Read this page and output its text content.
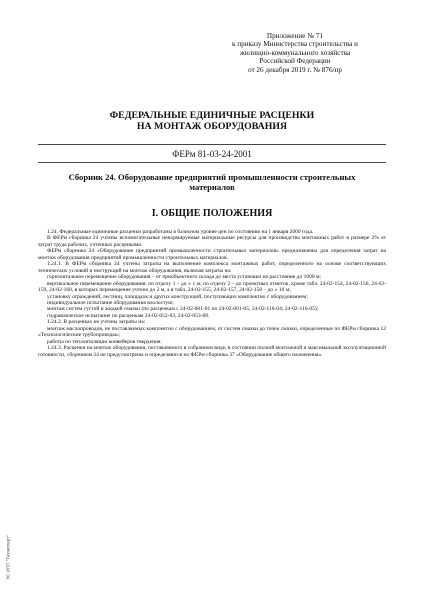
Приложение № 71
к приказу Министерства строительства и
жилищно-коммунального хозяйства
Российской Федерации
от 26 декабря 2019 г. № 876/пр
ФЕДЕРАЛЬНЫЕ ЕДИНИЧНЫЕ РАСЦЕНКИ
НА МОНТАЖ ОБОРУДОВАНИЯ
ФЕРм 81-03-24-2001
Сборник 24. Оборудование предприятий промышленности строительных
материалов
I. ОБЩИЕ ПОЛОЖЕНИЯ

1.24. Федеральные единичные расценки разработаны в базисном уровне цен по состоянию на 1 января 2000 года.

В ФЕРм сборника 24 учтены вспомогательные ненормируемые материальные ресурсы для производства монтажных работ в размере 2% от затрат труда рабочих, учтенных расценками.

ФЕРм сборника 24 «Оборудование предприятий промышленности строительных материалов» предназначены для определения затрат на монтаж оборудования предприятий промышленности строительных материалов.

1.24.1. В ФЕРм сборника 24 учтены затраты на выполнение комплекса монтажных работ, определенного на основе соответствующих технических условий и инструкций на монтаж оборудования, включая затраты на:

горизонтальное перемещение оборудования – от приобъектного склада до места установки на расстояние до 1000 м;

вертикальное перемещение оборудования: по отделу 1 – до ± 1 м; по отделу 2 – до проектных отметок, кроме табл. 24-02-154, 24-02-156, 24-02-159, 24-02-160, в которых перемещение учтено до 2 м, а в табл. 24-02-155, 24-02-157, 24-02-158 – до ± 10 м;

установку ограждений, лестниц, площадок и других конструкций, поступающих комплектно с оборудованием;

индивидуальное испытание оборудования вхолостую;

монтаж систем густой и жидкой смазки (по расценкам с 24-02-001-01 по 24-02-001-05; 24-02-116-04; 24-02-116-05);

гидравлическое испытание по расценкам 24-02-052-03, 24-02-053-08.

1.24.2. В расценках не учтены затраты на:

монтаж маслопроводов, не поставляемых комплектно с оборудованием, от систем смазки до точек смазки, определенные по ФЕРм сборника 12 «Технологические трубопроводы»;

работы по теплоизоляции конвейеров твердения.

1.24.3. Расценки на монтаж оборудования, поставляемого в собранном виде, в состоянии полной монтажной и максимальной эксплуатационной готовности, сборником 24 не предусмотрены и определяются по ФЕРм сборника 37 «Оборудование общего назначения».

ЭС ИПП "Техэксперт"
